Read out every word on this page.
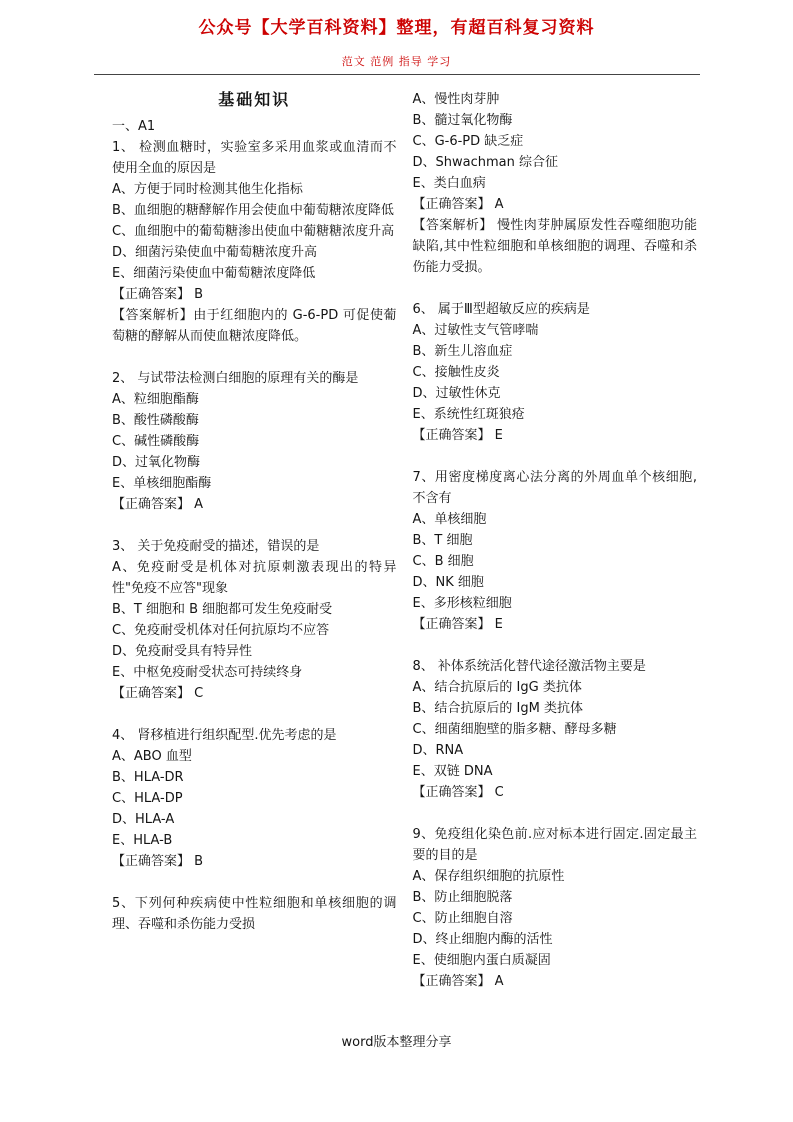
公众号【大学百科资料】整理，有超百科复习资料
范文 范例 指导 学习
基础知识

一、A1

1、 检测血糖时，实验室多采用血浆或血清而不使用全血的原因是

A、方便于同时检测其他生化指标

B、血细胞的糖酵解作用会使血中葡萄糖浓度降低

C、血细胞中的葡萄糖渗出使血中葡糖糖浓度升高

D、细菌污染使血中葡萄糖浓度升高

E、细菌污染使血中葡萄糖浓度降低

【正确答案】 B

【答案解析】由于红细胞内的 G-6-PD 可促使葡萄糖的酵解从而使血糖浓度降低。

2、 与试带法检测白细胞的原理有关的酶是

A、粒细胞酯酶

B、酸性磷酸酶

C、碱性磷酸酶

D、过氧化物酶

E、单核细胞酯酶

【正确答案】 A

3、 关于免疫耐受的描述，错误的是

A、免疫耐受是机体对抗原刺激表现出的特异性"免疫不应答"现象

B、T 细胞和 B 细胞都可发生免疫耐受

C、免疫耐受机体对任何抗原均不应答

D、免疫耐受具有特异性

E、中枢免疫耐受状态可持续终身

【正确答案】 C

4、 肾移植进行组织配型.优先考虑的是

A、ABO 血型

B、HLA-DR

C、HLA-DP

D、HLA-A

E、HLA-B

【正确答案】 B

5、下列何种疾病使中性粒细胞和单核细胞的调理、吞噬和杀伤能力受损

A、慢性肉芽肿

B、髓过氧化物酶

C、G-6-PD 缺乏症

D、Shwachman 综合征

E、类白血病

【正确答案】 A

【答案解析】 慢性肉芽肿属原发性吞噬细胞功能缺陷,其中性粒细胞和单核细胞的调理、吞噬和杀伤能力受损。

6、 属于Ⅲ型超敏反应的疾病是

A、过敏性支气管哮喘

B、新生儿溶血症

C、接触性皮炎

D、过敏性休克

E、系统性红斑狼疮

【正确答案】 E

7、用密度梯度离心法分离的外周血单个核细胞,不含有

A、单核细胞

B、T 细胞

C、B 细胞

D、NK 细胞

E、多形核粒细胞

【正确答案】 E

8、 补体系统活化替代途径激活物主要是

A、结合抗原后的 IgG 类抗体

B、结合抗原后的 IgM 类抗体

C、细菌细胞壁的脂多糖、酵母多糖

D、RNA

E、双链 DNA

【正确答案】 C

9、免疫组化染色前.应对标本进行固定.固定最主要的目的是

A、保存组织细胞的抗原性

B、防止细胞脱落

C、防止细胞自溶

D、终止细胞内酶的活性

E、使细胞内蛋白质凝固

【正确答案】 A

word版本整理分享
